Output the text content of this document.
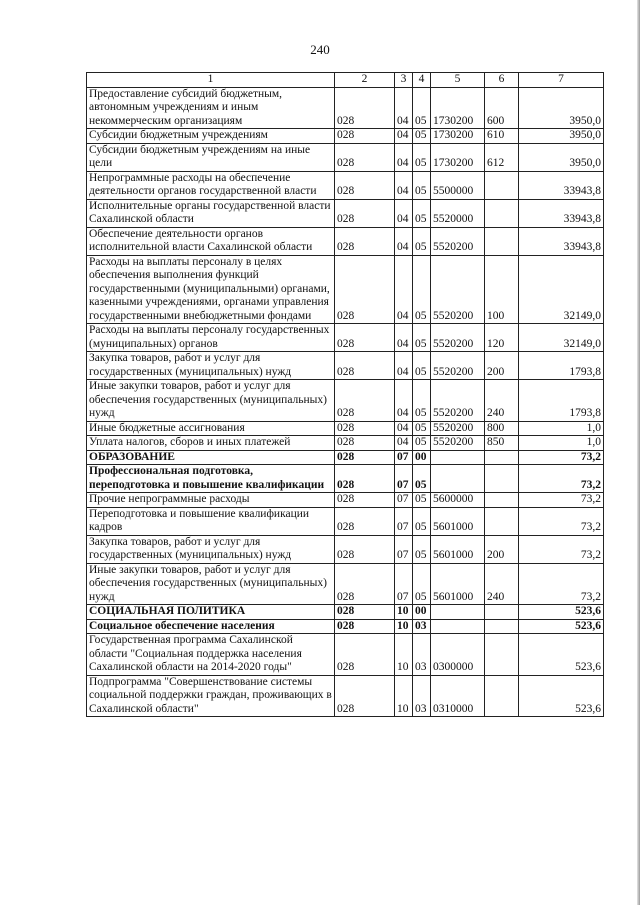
240
1	2	3	4	5	6	7
Предоставление субсидий бюджетным, автономным учреждениям и иным некоммерческим организациям	028	04	05	1730200	600	3950,0
Субсидии бюджетным учреждениям	028	04	05	1730200	610	3950,0
Субсидии бюджетным учреждениям на иные цели	028	04	05	1730200	612	3950,0
Непрограммные расходы на обеспечение деятельности органов государственной власти	028	04	05	5500000		33943,8
Исполнительные органы государственной власти Сахалинской области	028	04	05	5520000		33943,8
Обеспечение деятельности органов исполнительной власти Сахалинской области	028	04	05	5520200		33943,8
Расходы на выплаты персоналу в целях обеспечения выполнения функций государственными (муниципальными) органами, казенными учреждениями, органами управления государственными внебюджетными фондами	028	04	05	5520200	100	32149,0
Расходы на выплаты персоналу государственных (муниципальных) органов	028	04	05	5520200	120	32149,0
Закупка товаров, работ и услуг для государственных (муниципальных) нужд	028	04	05	5520200	200	1793,8
Иные закупки товаров, работ и услуг для обеспечения государственных (муниципальных) нужд	028	04	05	5520200	240	1793,8
Иные бюджетные ассигнования	028	04	05	5520200	800	1,0
Уплата налогов, сборов и иных платежей	028	04	05	5520200	850	1,0
ОБРАЗОВАНИЕ	028	07	00			73,2
Профессиональная подготовка, переподготовка и повышение квалификации	028	07	05			73,2
Прочие непрограммные расходы	028	07	05	5600000		73,2
Переподготовка и повышение квалификации кадров	028	07	05	5601000		73,2
Закупка товаров, работ и услуг для государственных (муниципальных) нужд	028	07	05	5601000	200	73,2
Иные закупки товаров, работ и услуг для обеспечения государственных (муниципальных) нужд	028	07	05	5601000	240	73,2
СОЦИАЛЬНАЯ ПОЛИТИКА	028	10	00			523,6
Социальное обеспечение населения	028	10	03			523,6
Государственная программа Сахалинской области "Социальная поддержка населения Сахалинской области на 2014-2020 годы"	028	10	03	0300000		523,6
Подпрограмма "Совершенствование системы социальной поддержки граждан, проживающих в Сахалинской области"	028	10	03	0310000		523,6
